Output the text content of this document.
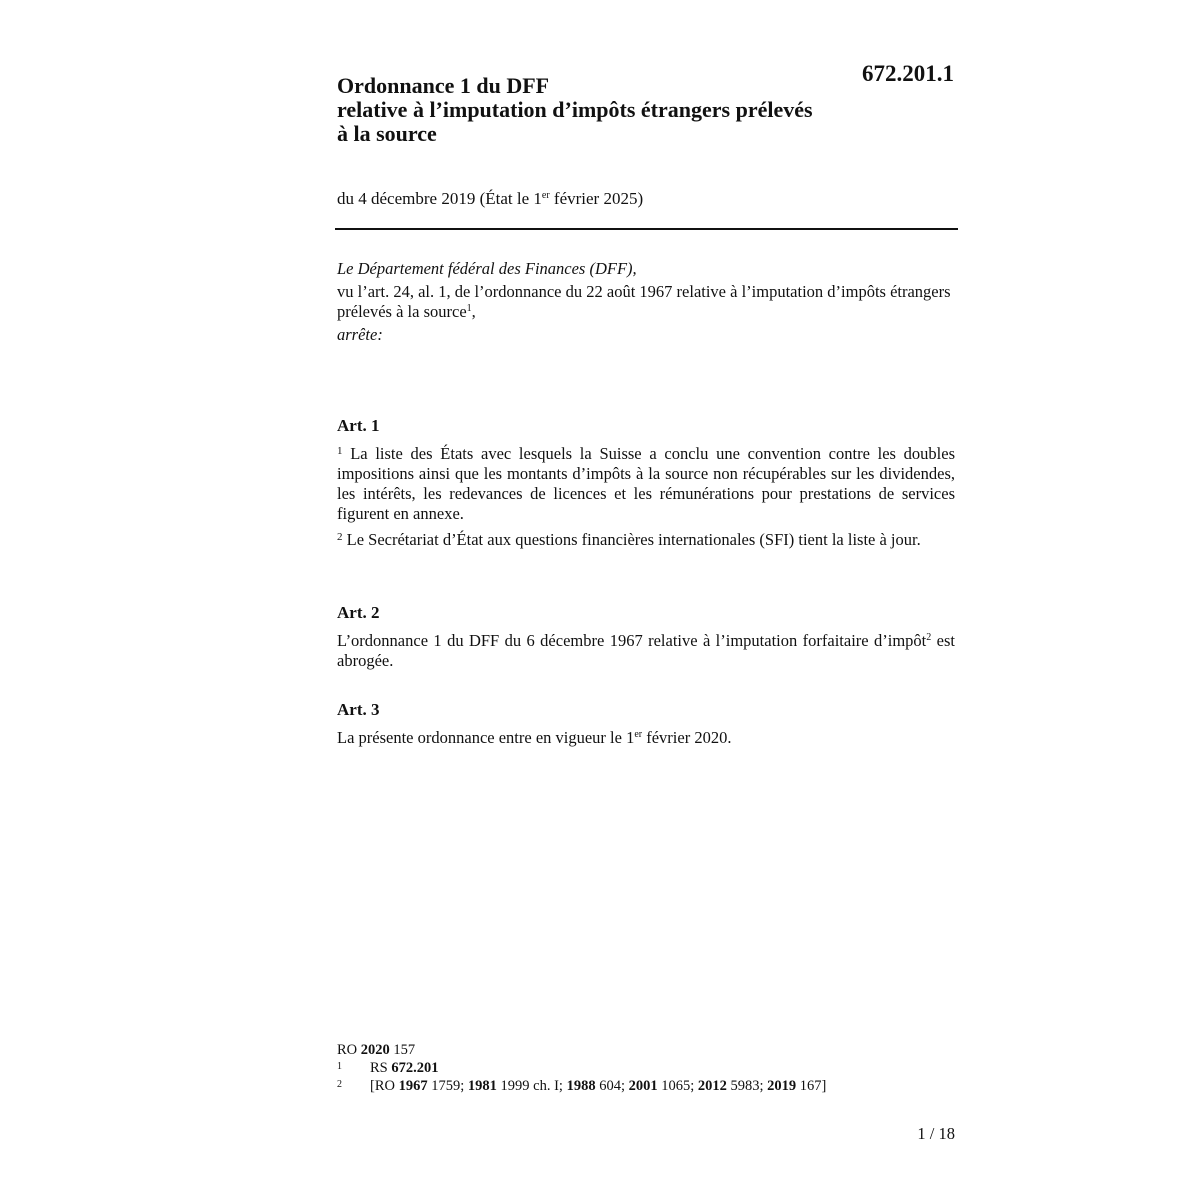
672.201.1
Ordonnance 1 du DFF
relative à l’imputation d’impôts étrangers prélevés
à la source
du 4 décembre 2019 (État le 1er février 2025)

Le Département fédéral des Finances (DFF),

vu l’art. 24, al. 1, de l’ordonnance du 22 août 1967 relative à l’imputation d’impôts étrangers prélevés à la source$^1$,

arrête:

Art. 1

$^1$ La liste des États avec lesquels la Suisse a conclu une convention contre les doubles impositions ainsi que les montants d’impôts à la source non récupérables sur les dividendes, les intérêts, les redevances de licences et les rémunérations pour prestations de services figurent en annexe.

$^2$ Le Secrétariat d’État aux questions financières internationales (SFI) tient la liste à jour.

Art. 2

L’ordonnance 1 du DFF du 6 décembre 1967 relative à l’imputation forfaitaire d’impôt$^2$ est abrogée.

Art. 3

La présente ordonnance entre en vigueur le 1er février 2020.

RO 2020 157
1	RS 672.201
2	[RO 1967 1759; 1981 1999 ch. I; 1988 604; 2001 1065; 2012 5983; 2019 167]
1 / 18
